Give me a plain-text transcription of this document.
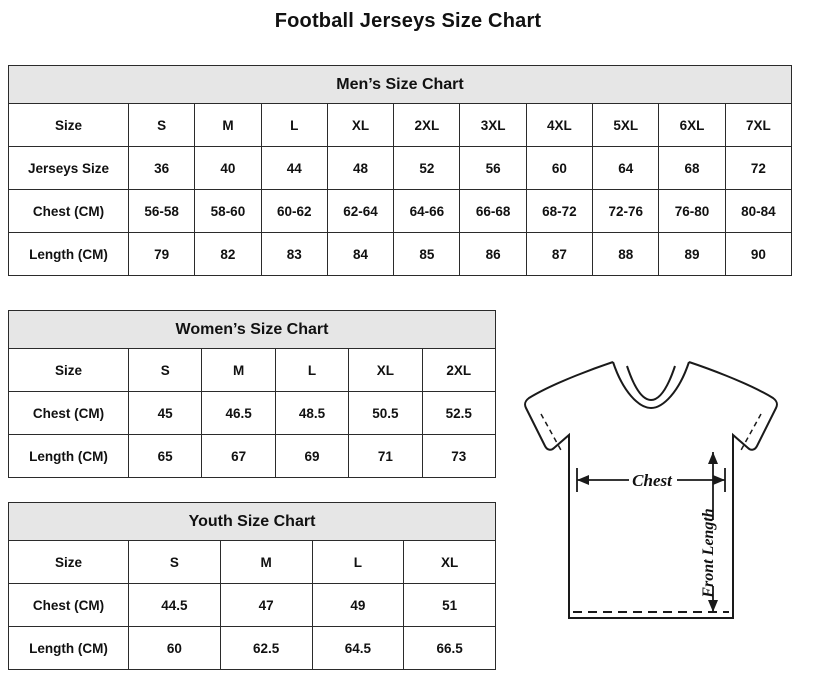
Football Jerseys Size Chart
Men’s Size Chart
Size	S	M	L	XL	2XL	3XL	4XL	5XL	6XL	7XL
Jerseys Size	36	40	44	48	52	56	60	64	68	72
Chest (CM)	56-58	58-60	60-62	62-64	64-66	66-68	68-72	72-76	76-80	80-84
Length (CM)	79	82	83	84	85	86	87	88	89	90
Women’s Size Chart
Size	S	M	L	XL	2XL
Chest (CM)	45	46.5	48.5	50.5	52.5
Length (CM)	65	67	69	71	73
Youth Size Chart
Size	S	M	L	XL
Chest (CM)	44.5	47	49	51
Length (CM)	60	62.5	64.5	66.5
Chest
Front Length
